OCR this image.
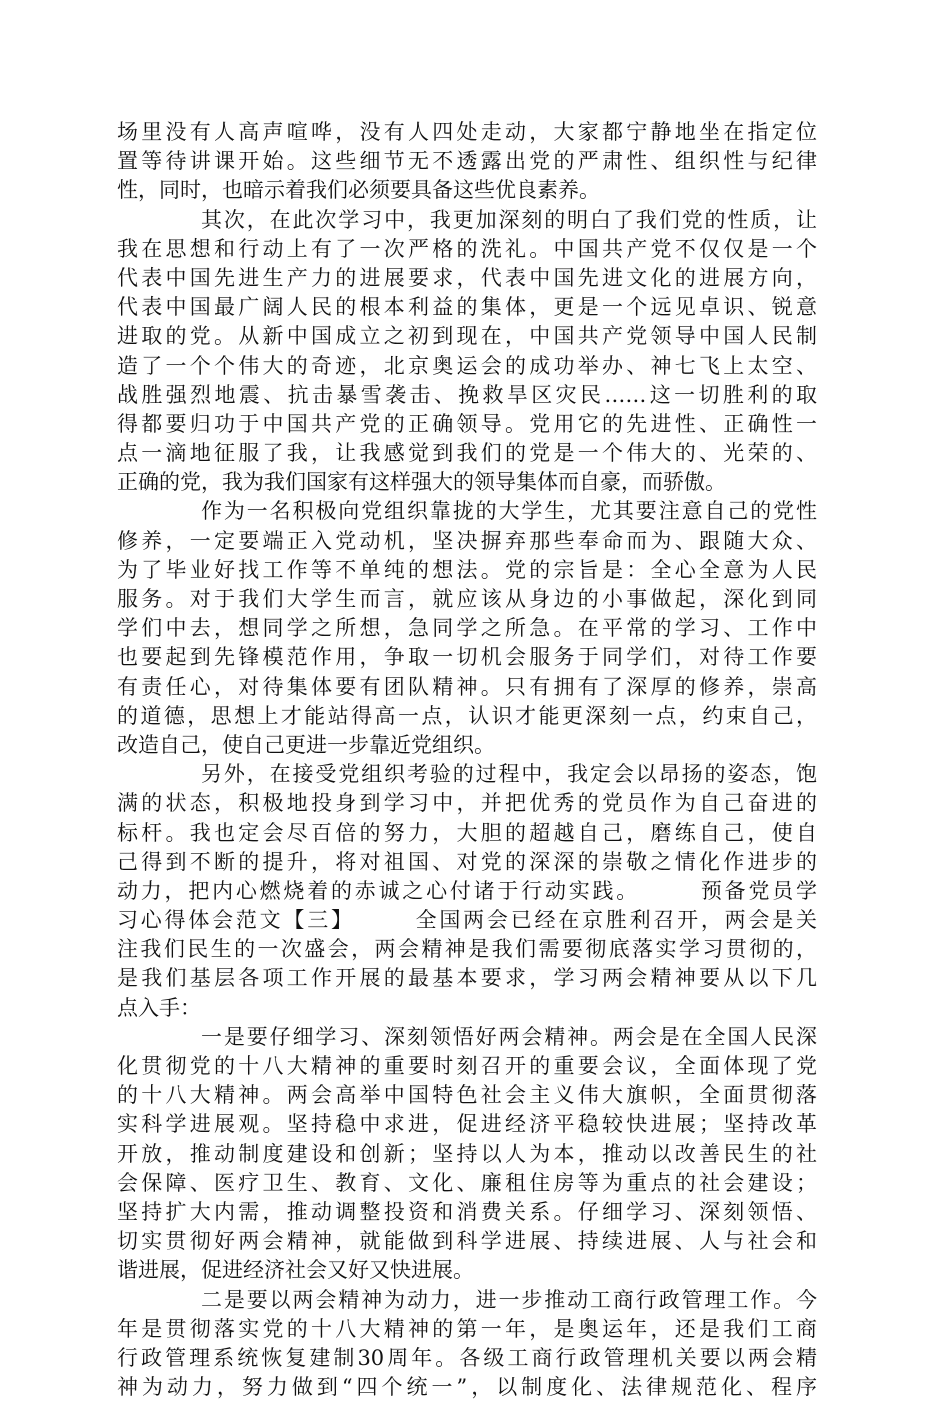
场里没有人高声喧哗，没有人四处走动，大家都宁静地坐在指定位
置等待讲课开始。这些细节无不透露出党的严肃性、组织性与纪律
性，同时，也暗示着我们必须要具备这些优良素养。
其次，在此次学习中，我更加深刻的明白了我们党的性质，让
我在思想和行动上有了一次严格的洗礼。中国共产党不仅仅是一个
代表中国先进生产力的进展要求，代表中国先进文化的进展方向，
代表中国最广阔人民的根本利益的集体，更是一个远见卓识、锐意
进取的党。从新中国成立之初到现在，中国共产党领导中国人民制
造了一个个伟大的奇迹，北京奥运会的成功举办、神七飞上太空、
战胜强烈地震、抗击暴雪袭击、挽救旱区灾民……这一切胜利的取
得都要归功于中国共产党的正确领导。党用它的先进性、正确性一
点一滴地征服了我，让我感觉到我们的党是一个伟大的、光荣的、
正确的党，我为我们国家有这样强大的领导集体而自豪，而骄傲。
作为一名积极向党组织靠拢的大学生，尤其要注意自己的党性
修养，一定要端正入党动机，坚决摒弃那些奉命而为、跟随大众、
为了毕业好找工作等不单纯的想法。党的宗旨是：全心全意为人民
服务。对于我们大学生而言，就应该从身边的小事做起，深化到同
学们中去，想同学之所想，急同学之所急。在平常的学习、工作中
也要起到先锋模范作用，争取一切机会服务于同学们，对待工作要
有责任心，对待集体要有团队精神。只有拥有了深厚的修养，崇高
的道德，思想上才能站得高一点，认识才能更深刻一点，约束自己，
改造自己，使自己更进一步靠近党组织。
另外，在接受党组织考验的过程中，我定会以昂扬的姿态，饱
满的状态，积极地投身到学习中，并把优秀的党员作为自己奋进的
标杆。我也定会尽百倍的努力，大胆的超越自己，磨练自己，使自
己得到不断的提升，将对祖国、对党的深深的崇敬之情化作进步的
动力，把内心燃烧着的赤诚之心付诸于行动实践。　　　预备党员学
习心得体会范文【三】　　　全国两会已经在京胜利召开，两会是关
注我们民生的一次盛会，两会精神是我们需要彻底落实学习贯彻的，
是我们基层各项工作开展的最基本要求，学习两会精神要从以下几
点入手：
一是要仔细学习、深刻领悟好两会精神。两会是在全国人民深
化贯彻党的十八大精神的重要时刻召开的重要会议，全面体现了党
的十八大精神。两会高举中国特色社会主义伟大旗帜，全面贯彻落
实科学进展观。坚持稳中求进，促进经济平稳较快进展；坚持改革
开放，推动制度建设和创新；坚持以人为本，推动以改善民生的社
会保障、医疗卫生、教育、文化、廉租住房等为重点的社会建设；
坚持扩大内需，推动调整投资和消费关系。仔细学习、深刻领悟、
切实贯彻好两会精神，就能做到科学进展、持续进展、人与社会和
谐进展，促进经济社会又好又快进展。
二是要以两会精神为动力，进一步推动工商行政管理工作。今
年是贯彻落实党的十八大精神的第一年，是奥运年，还是我们工商
行政管理系统恢复建制30周年。各级工商行政管理机关要以两会精
神为动力，努力做到“四个统一”，以制度化、法律规范化、程序
